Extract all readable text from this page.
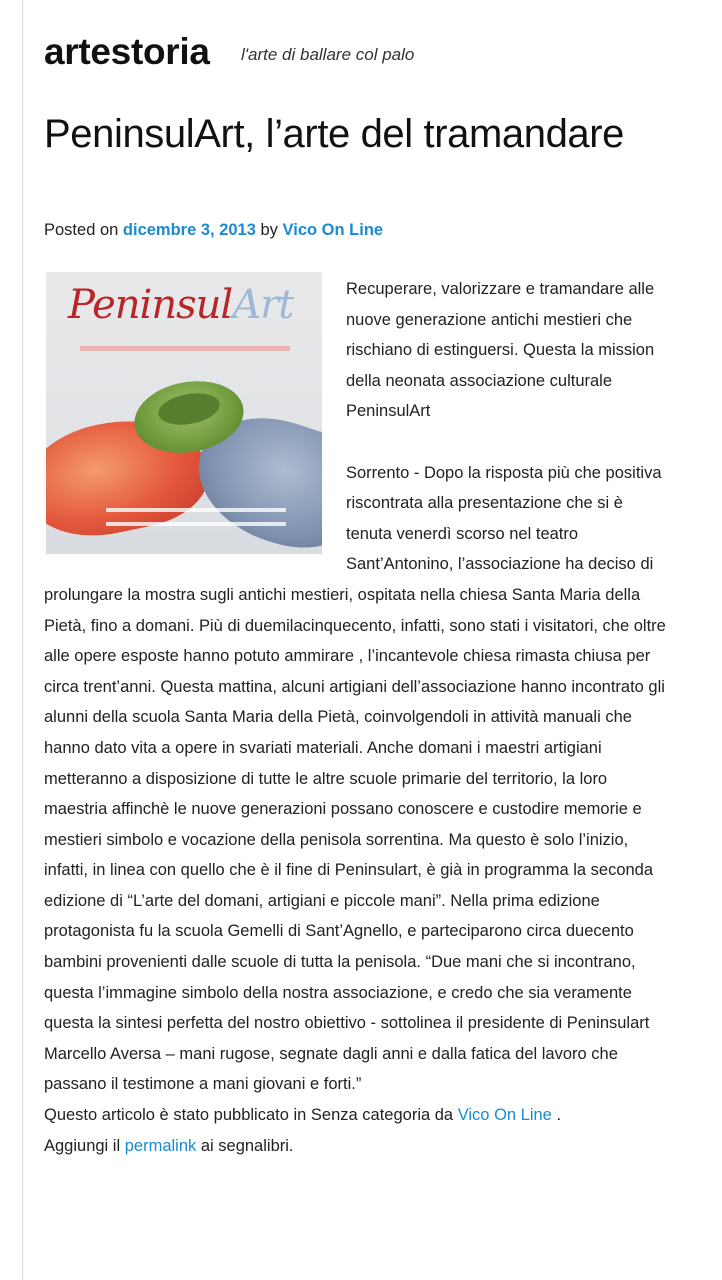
artestoria l'arte di ballare col palo
PeninsulArt, l’arte del tramandare
Posted on dicembre 3, 2013 by Vico On Line
PeninsulArt	Recuperare, valorizzare e tramandare alle nuove generazione antichi mestieri che rischiano di estinguersi. Questa la mission della neonata associazione culturale PeninsulArt

Sorrento - Dopo la risposta più che positiva riscontrata alla presentazione che si è tenuta venerdì scorso nel teatro Sant’Antonino, l’associazione ha deciso di prolungare la mostra sugli antichi mestieri, ospitata nella chiesa Santa Maria della Pietà, fino a domani. Più di duemilacinquecento, infatti, sono stati i visitatori, che oltre alle opere esposte hanno potuto ammirare , l’incantevole chiesa rimasta chiusa per circa trent’anni. Questa mattina, alcuni artigiani dell’associazione hanno incontrato gli alunni della scuola Santa Maria della Pietà, coinvolgendoli in attività manuali che hanno dato vita a opere in svariati materiali. Anche domani i maestri artigiani metteranno a disposizione di tutte le altre scuole primarie del territorio, la loro maestria affinchè le nuove generazioni possano conoscere e custodire memorie e mestieri simbolo e vocazione della penisola sorrentina. Ma questo è solo l’inizio, infatti, in linea con quello che è il fine di Peninsulart, è già in programma la seconda edizione di “L’arte del domani, artigiani e piccole mani”. Nella prima edizione protagonista fu la scuola Gemelli di Sant’Agnello, e parteciparono circa duecento bambini provenienti dalle scuole di tutta la penisola. “Due mani che si incontrano, questa l’immagine simbolo della nostra associazione, e credo che sia veramente questa la sintesi perfetta del nostro obiettivo - sottolinea il presidente di Peninsulart Marcello Aversa – mani rugose, segnate dagli anni e dalla fatica del lavoro che passano il testimone a mani giovani e forti.”

Questo articolo è stato pubblicato in Senza categoria da Vico On Line .

Aggiungi il permalink ai segnalibri.
